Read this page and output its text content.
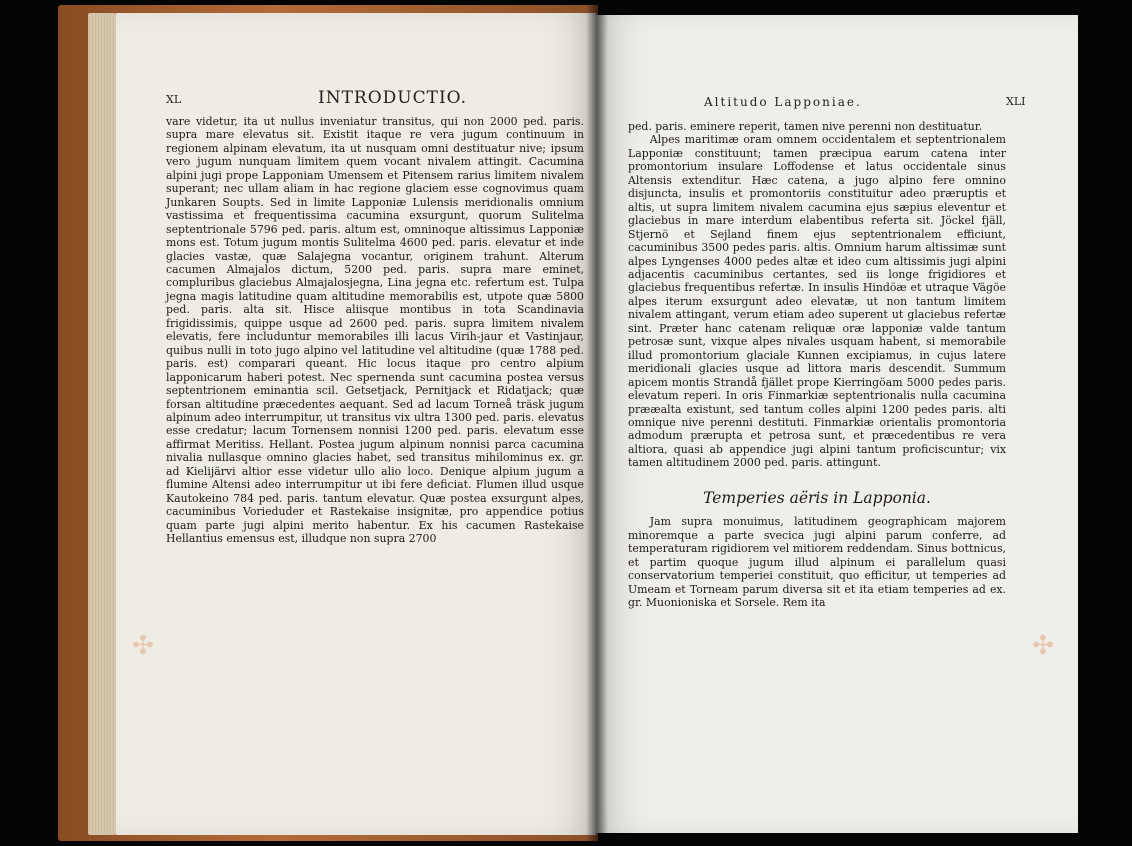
XL	INTRODUCTIO.

vare videtur, ita ut nullus inveniatur transitus, qui non 2000 ped. paris. supra mare elevatus sit. Existit itaque re vera jugum continuum in regionem alpinam elevatum, ita ut nusquam omni destituatur nive; ipsum vero jugum nunquam limitem quem vocant nivalem attingit. Cacumina alpini jugi prope Lapponiam Umensem et Pitensem rarius limitem nivalem superant; nec ullam aliam in hac regione glaciem esse cognovimus quam Junkaren Soupts. Sed in limite Lapponiæ Lulensis meridionalis omnium vastissima et frequentissima cacumina exsurgunt, quorum Sulitelma septentrionale 5796 ped. paris. altum est, omninoque altissimus Lapponiæ mons est. Totum jugum montis Sulitelma 4600 ped. paris. elevatur et inde glacies vastæ, quæ Salajegna vocantur, originem trahunt. Alterum cacumen Almajalos dictum, 5200 ped. paris. supra mare eminet, compluribus glaciebus Almajalosjegna, Lina jegna etc. refertum est. Tulpa jegna magis latitudine quam altitudine memorabilis est, utpote quæ 5800 ped. paris. alta sit. Hisce aliisque montibus in tota Scandinavia frigidissimis, quippe usque ad 2600 ped. paris. supra limitem nivalem elevatis, fere includuntur memorabiles illi lacus Virih-jaur et Vastinjaur, quibus nulli in toto jugo alpino vel latitudine vel altitudine (quæ 1788 ped. paris. est) comparari queant. Hic locus itaque pro centro alpium lapponicarum haberi potest. Nec spernenda sunt cacumina postea versus septentrionem eminantia scil. Getsetjack, Pernitjack et Ridatjack; quæ forsan altitudine præcedentes aequant. Sed ad lacum Torneå träsk jugum alpinum adeo interrumpitur, ut transitus vix ultra 1300 ped. paris. elevatus esse credatur; lacum Tornensem nonnisi 1200 ped. paris. elevatum esse affirmat Meritiss. Hellant. Postea jugum alpinum nonnisi parca cacumina nivalia nullasque omnino glacies habet, sed transitus mihilominus ex. gr. ad Kielijärvi altior esse videtur ullo alio loco. Denique alpium jugum a flumine Altensi adeo interrumpitur ut ibi fere deficiat. Flumen illud usque Kautokeino 784 ped. paris. tantum elevatur. Quæ postea exsurgunt alpes, cacuminibus Vorieduder et Rastekaise insignitæ, pro appendice potius quam parte jugi alpini merito habentur. Ex his cacumen Rastekaise Hellantius emensus est, illudque non supra 2700

✣
Altitudo Lapponiae.	XLI

ped. paris. eminere reperit, tamen nive perenni non destituatur.

Alpes maritimæ oram omnem occidentalem et septentrionalem Lapponiæ constituunt; tamen præcipua earum catena inter promontorium insulare Loffodense et latus occidentale sinus Altensis extenditur. Hæc catena, a jugo alpino fere omnino disjuncta, insulis et promontoriis constituitur adeo præruptis et altis, ut supra limitem nivalem cacumina ejus sæpius eleventur et glaciebus in mare interdum elabentibus referta sit. Jöckel fjäll, Stjernö et Sejland finem ejus septentrionalem efficiunt, cacuminibus 3500 pedes paris. altis. Omnium harum altissimæ sunt alpes Lyngenses 4000 pedes altæ et ideo cum altissimis jugi alpini adjacentis cacuminibus certantes, sed iis longe frigidiores et glaciebus frequentibus refertæ. In insulis Hindöæ et utraque Vägöe alpes iterum exsurgunt adeo elevatæ, ut non tantum limitem nivalem attingant, verum etiam adeo superent ut glaciebus refertæ sint. Præter hanc catenam reliquæ oræ lapponiæ valde tantum petrosæ sunt, vixque alpes nivales usquam habent, si memorabile illud promontorium glaciale Kunnen excipiamus, in cujus latere meridionali glacies usque ad littora maris descendit. Summum apicem montis Strandå fjället prope Kierringöam 5000 pedes paris. elevatum reperi. In oris Finmarkiæ septentrionalis nulla cacumina prææalta existunt, sed tantum colles alpini 1200 pedes paris. alti omnique nive perenni destituti. Finmarkiæ orientalis promontoria admodum prærupta et petrosa sunt, et præcedentibus re vera altiora, quasi ab appendice jugi alpini tantum proficiscuntur; vix tamen altitudinem 2000 ped. paris. attingunt.

Temperies aëris in Lapponia.

Jam supra monuimus, latitudinem geographicam majorem minoremque a parte svecica jugi alpini parum conferre, ad temperaturam rigidiorem vel mitiorem reddendam. Sinus bottnicus, et partim quoque jugum illud alpinum ei parallelum quasi conservatorium temperiei constituit, quo efficitur, ut temperies ad Umeam et Torneam parum diversa sit et ita etiam temperies ad ex. gr. Muonioniska et Sorsele. Rem ita

✣
